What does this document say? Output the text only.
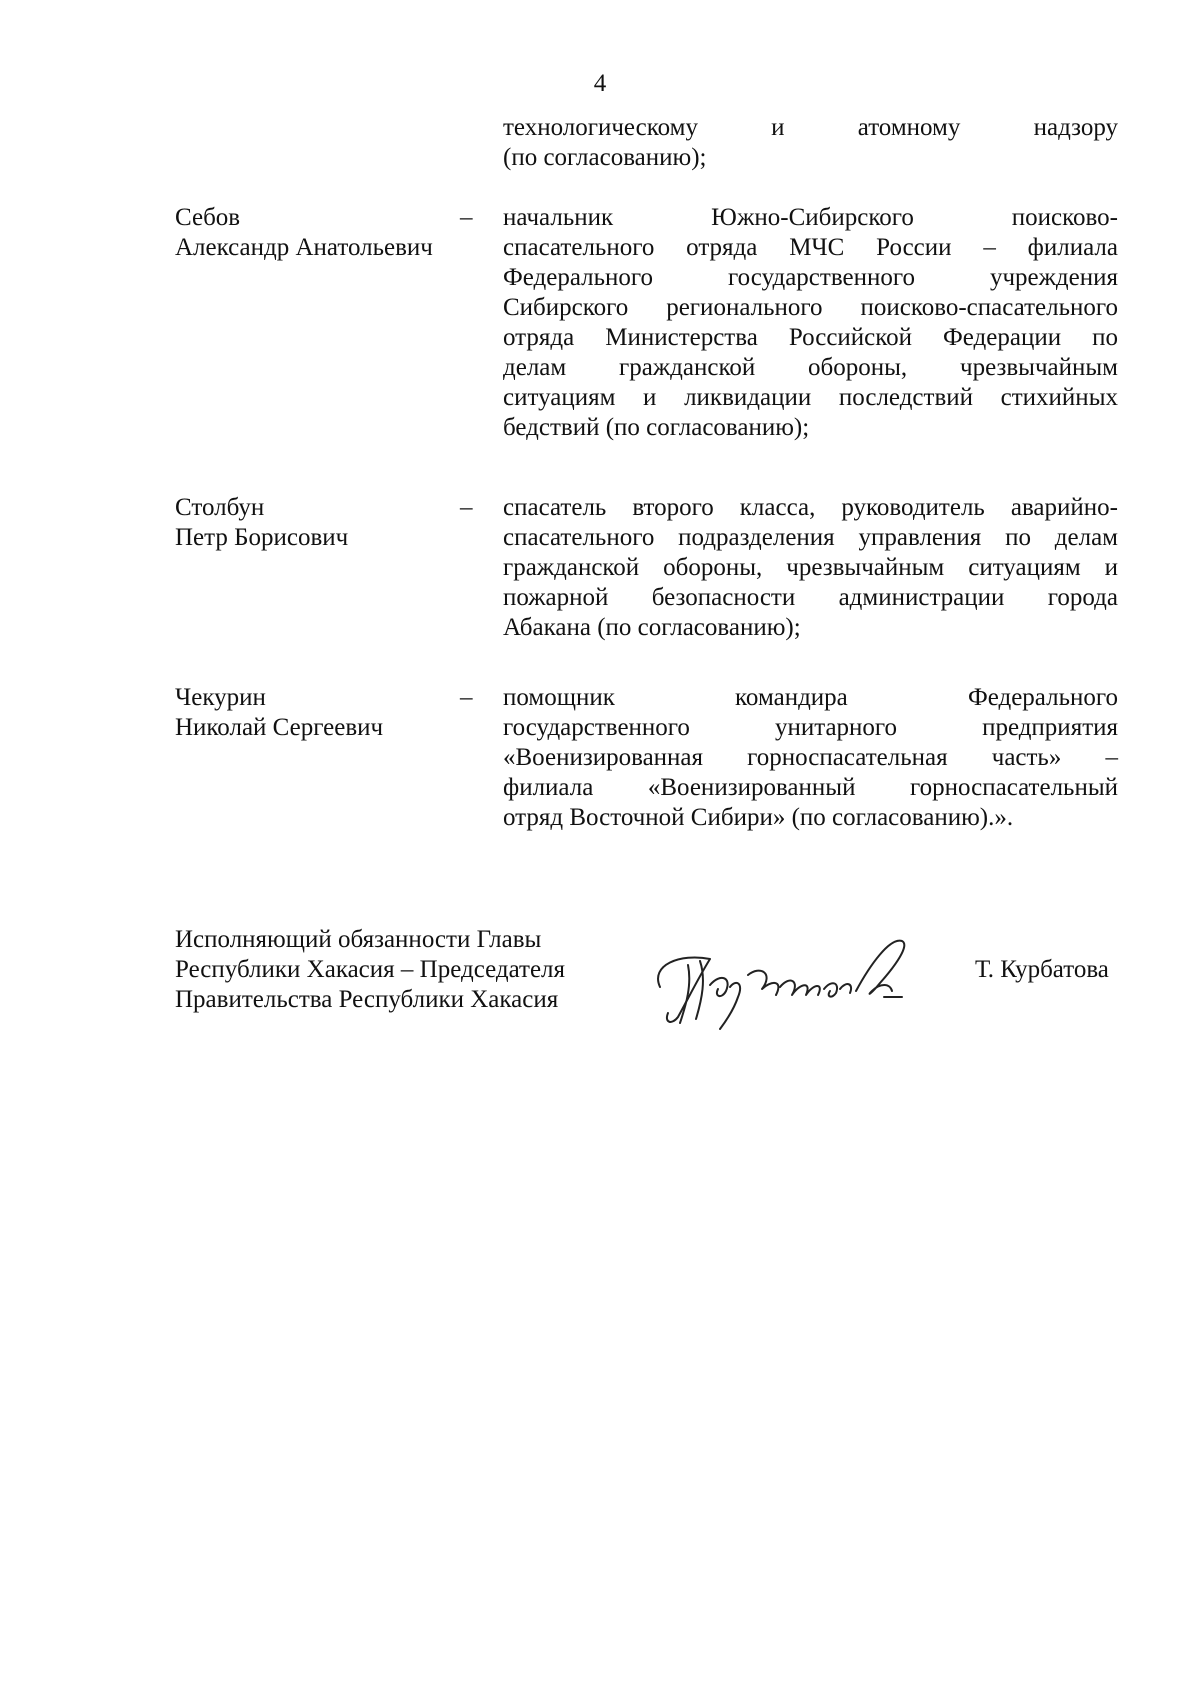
4
технологическому и атомному надзору
(по согласованию);
Себов
Александр Анатольевич
– начальник Южно-Сибирского поисково-
спасательного отряда МЧС России – филиала
Федерального государственного учреждения
Сибирского регионального поисково-спасательного
отряда Министерства Российской Федерации по
делам гражданской обороны, чрезвычайным
ситуациям и ликвидации последствий стихийных
бедствий (по согласованию);
Столбун
Петр Борисович
– спасатель второго класса, руководитель аварийно-
спасательного подразделения управления по делам
гражданской обороны, чрезвычайным ситуациям и
пожарной безопасности администрации города
Абакана (по согласованию);
Чекурин
Николай Сергеевич
– помощник командира Федерального
государственного унитарного предприятия
«Военизированная горноспасательная часть» –
филиала «Военизированный горноспасательный
отряд Восточной Сибири» (по согласованию).».
Исполняющий обязанности Главы
Республики Хакасия – Председателя
Правительства Республики Хакасия
Т. Курбатова
